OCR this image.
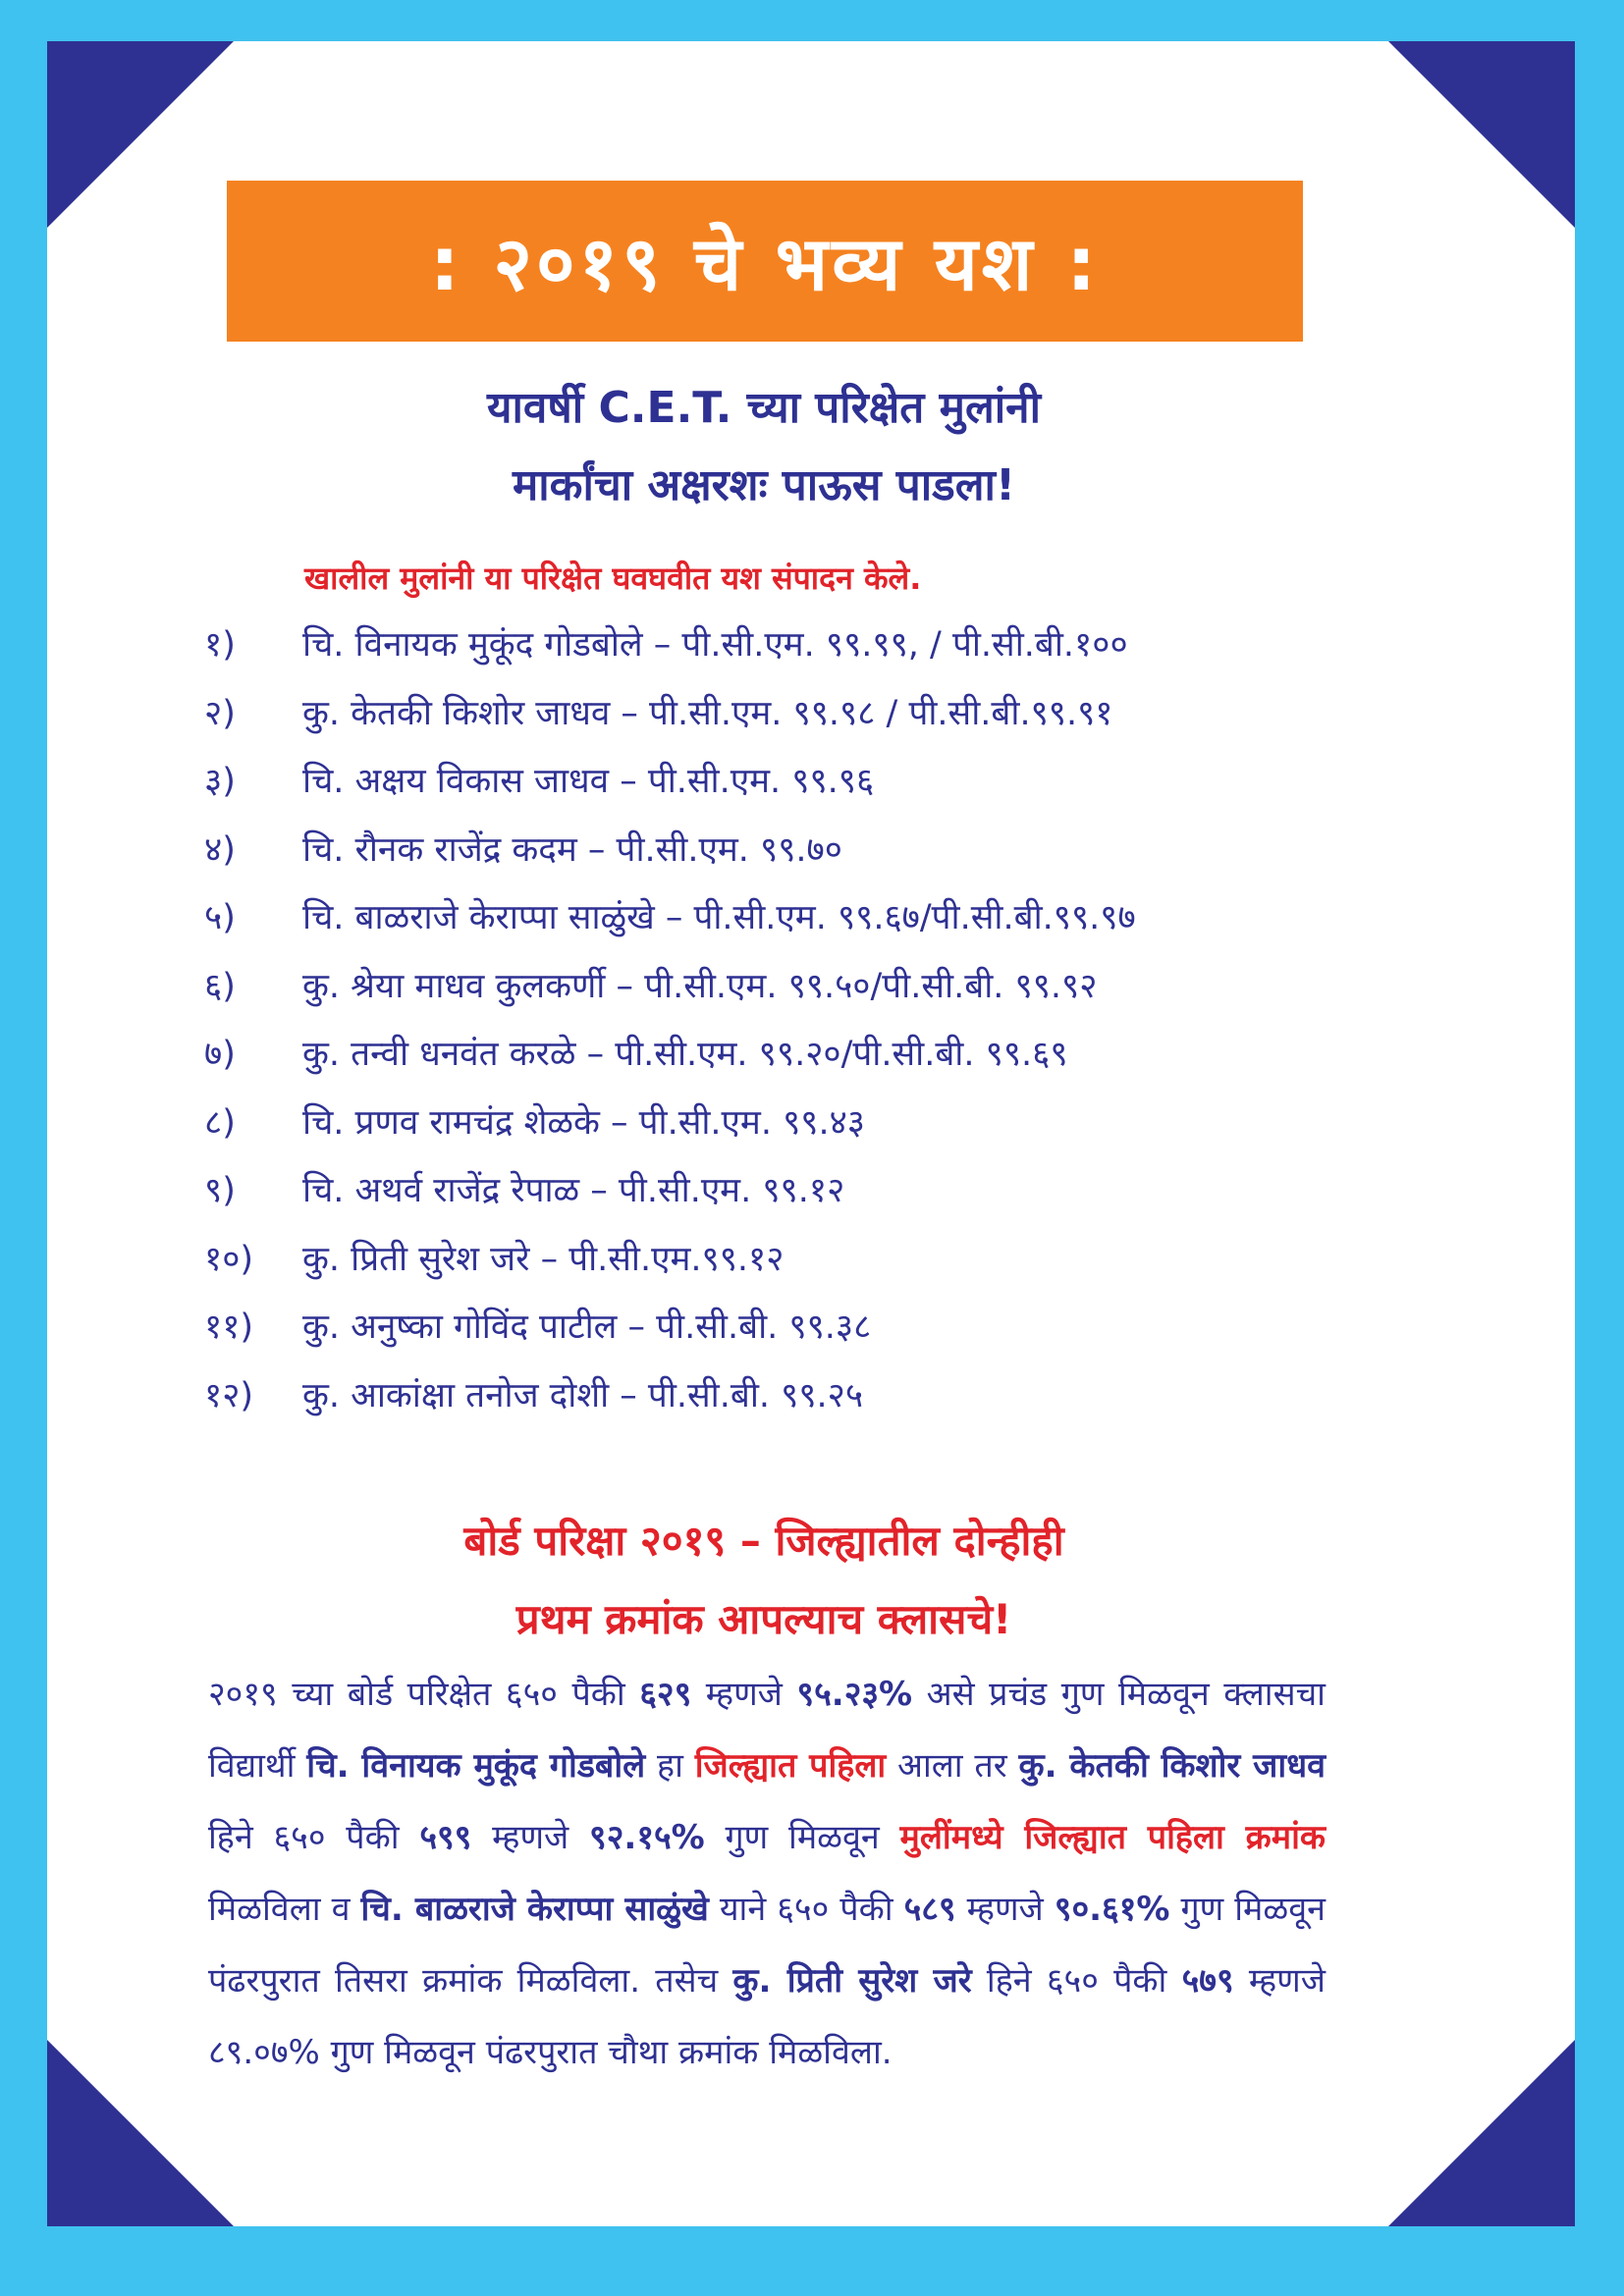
: २०१९ चे भव्य यश :
यावर्षी C.E.T. च्या परिक्षेत मुलांनी
मार्कांचा अक्षरशः पाऊस पाडला!
खालील मुलांनी या परिक्षेत घवघवीत यश संपादन केले.
१)	चि. विनायक मुकूंद गोडबोले – पी.सी.एम. ९९.९९, / पी.सी.बी.१००
२)	कु. केतकी किशोर जाधव – पी.सी.एम. ९९.९८ / पी.सी.बी.९९.९१
३)	चि. अक्षय विकास जाधव – पी.सी.एम. ९९.९६
४)	चि. रौनक राजेंद्र कदम – पी.सी.एम. ९९.७०
५)	चि. बाळराजे केराप्पा साळुंखे – पी.सी.एम. ९९.६७/पी.सी.बी.९९.९७
६)	कु. श्रेया माधव कुलकर्णी – पी.सी.एम. ९९.५०/पी.सी.बी. ९९.९२
७)	कु. तन्वी धनवंत करळे – पी.सी.एम. ९९.२०/पी.सी.बी. ९९.६९
८)	चि. प्रणव रामचंद्र शेळके – पी.सी.एम. ९९.४३
९)	चि. अथर्व राजेंद्र रेपाळ – पी.सी.एम. ९९.१२
१०)	कु. प्रिती सुरेश जरे – पी.सी.एम.९९.१२
११)	कु. अनुष्का गोविंद पाटील – पी.सी.बी. ९९.३८
१२)	कु. आकांक्षा तनोज दोशी – पी.सी.बी. ९९.२५
बोर्ड परिक्षा २०१९ – जिल्ह्यातील दोन्हीही
प्रथम क्रमांक आपल्याच क्लासचे!
२०१९ च्या बोर्ड परिक्षेत ६५० पैकी ६२९ म्हणजे ९५.२३% असे प्रचंड गुण मिळवून क्लासचा विद्यार्थी चि. विनायक मुकूंद गोडबोले हा जिल्ह्यात पहिला आला तर कु. केतकी किशोर जाधव हिने ६५० पैकी ५९९ म्हणजे ९२.१५% गुण मिळवून मुलींमध्ये जिल्ह्यात पहिला क्रमांक मिळविला व चि. बाळराजे केराप्पा साळुंखे याने ६५० पैकी ५८९ म्हणजे ९०.६१% गुण मिळवून पंढरपुरात तिसरा क्रमांक मिळविला. तसेच कु. प्रिती सुरेश जरे हिने ६५० पैकी ५७९ म्हणजे ८९.०७% गुण मिळवून पंढरपुरात चौथा क्रमांक मिळविला.
